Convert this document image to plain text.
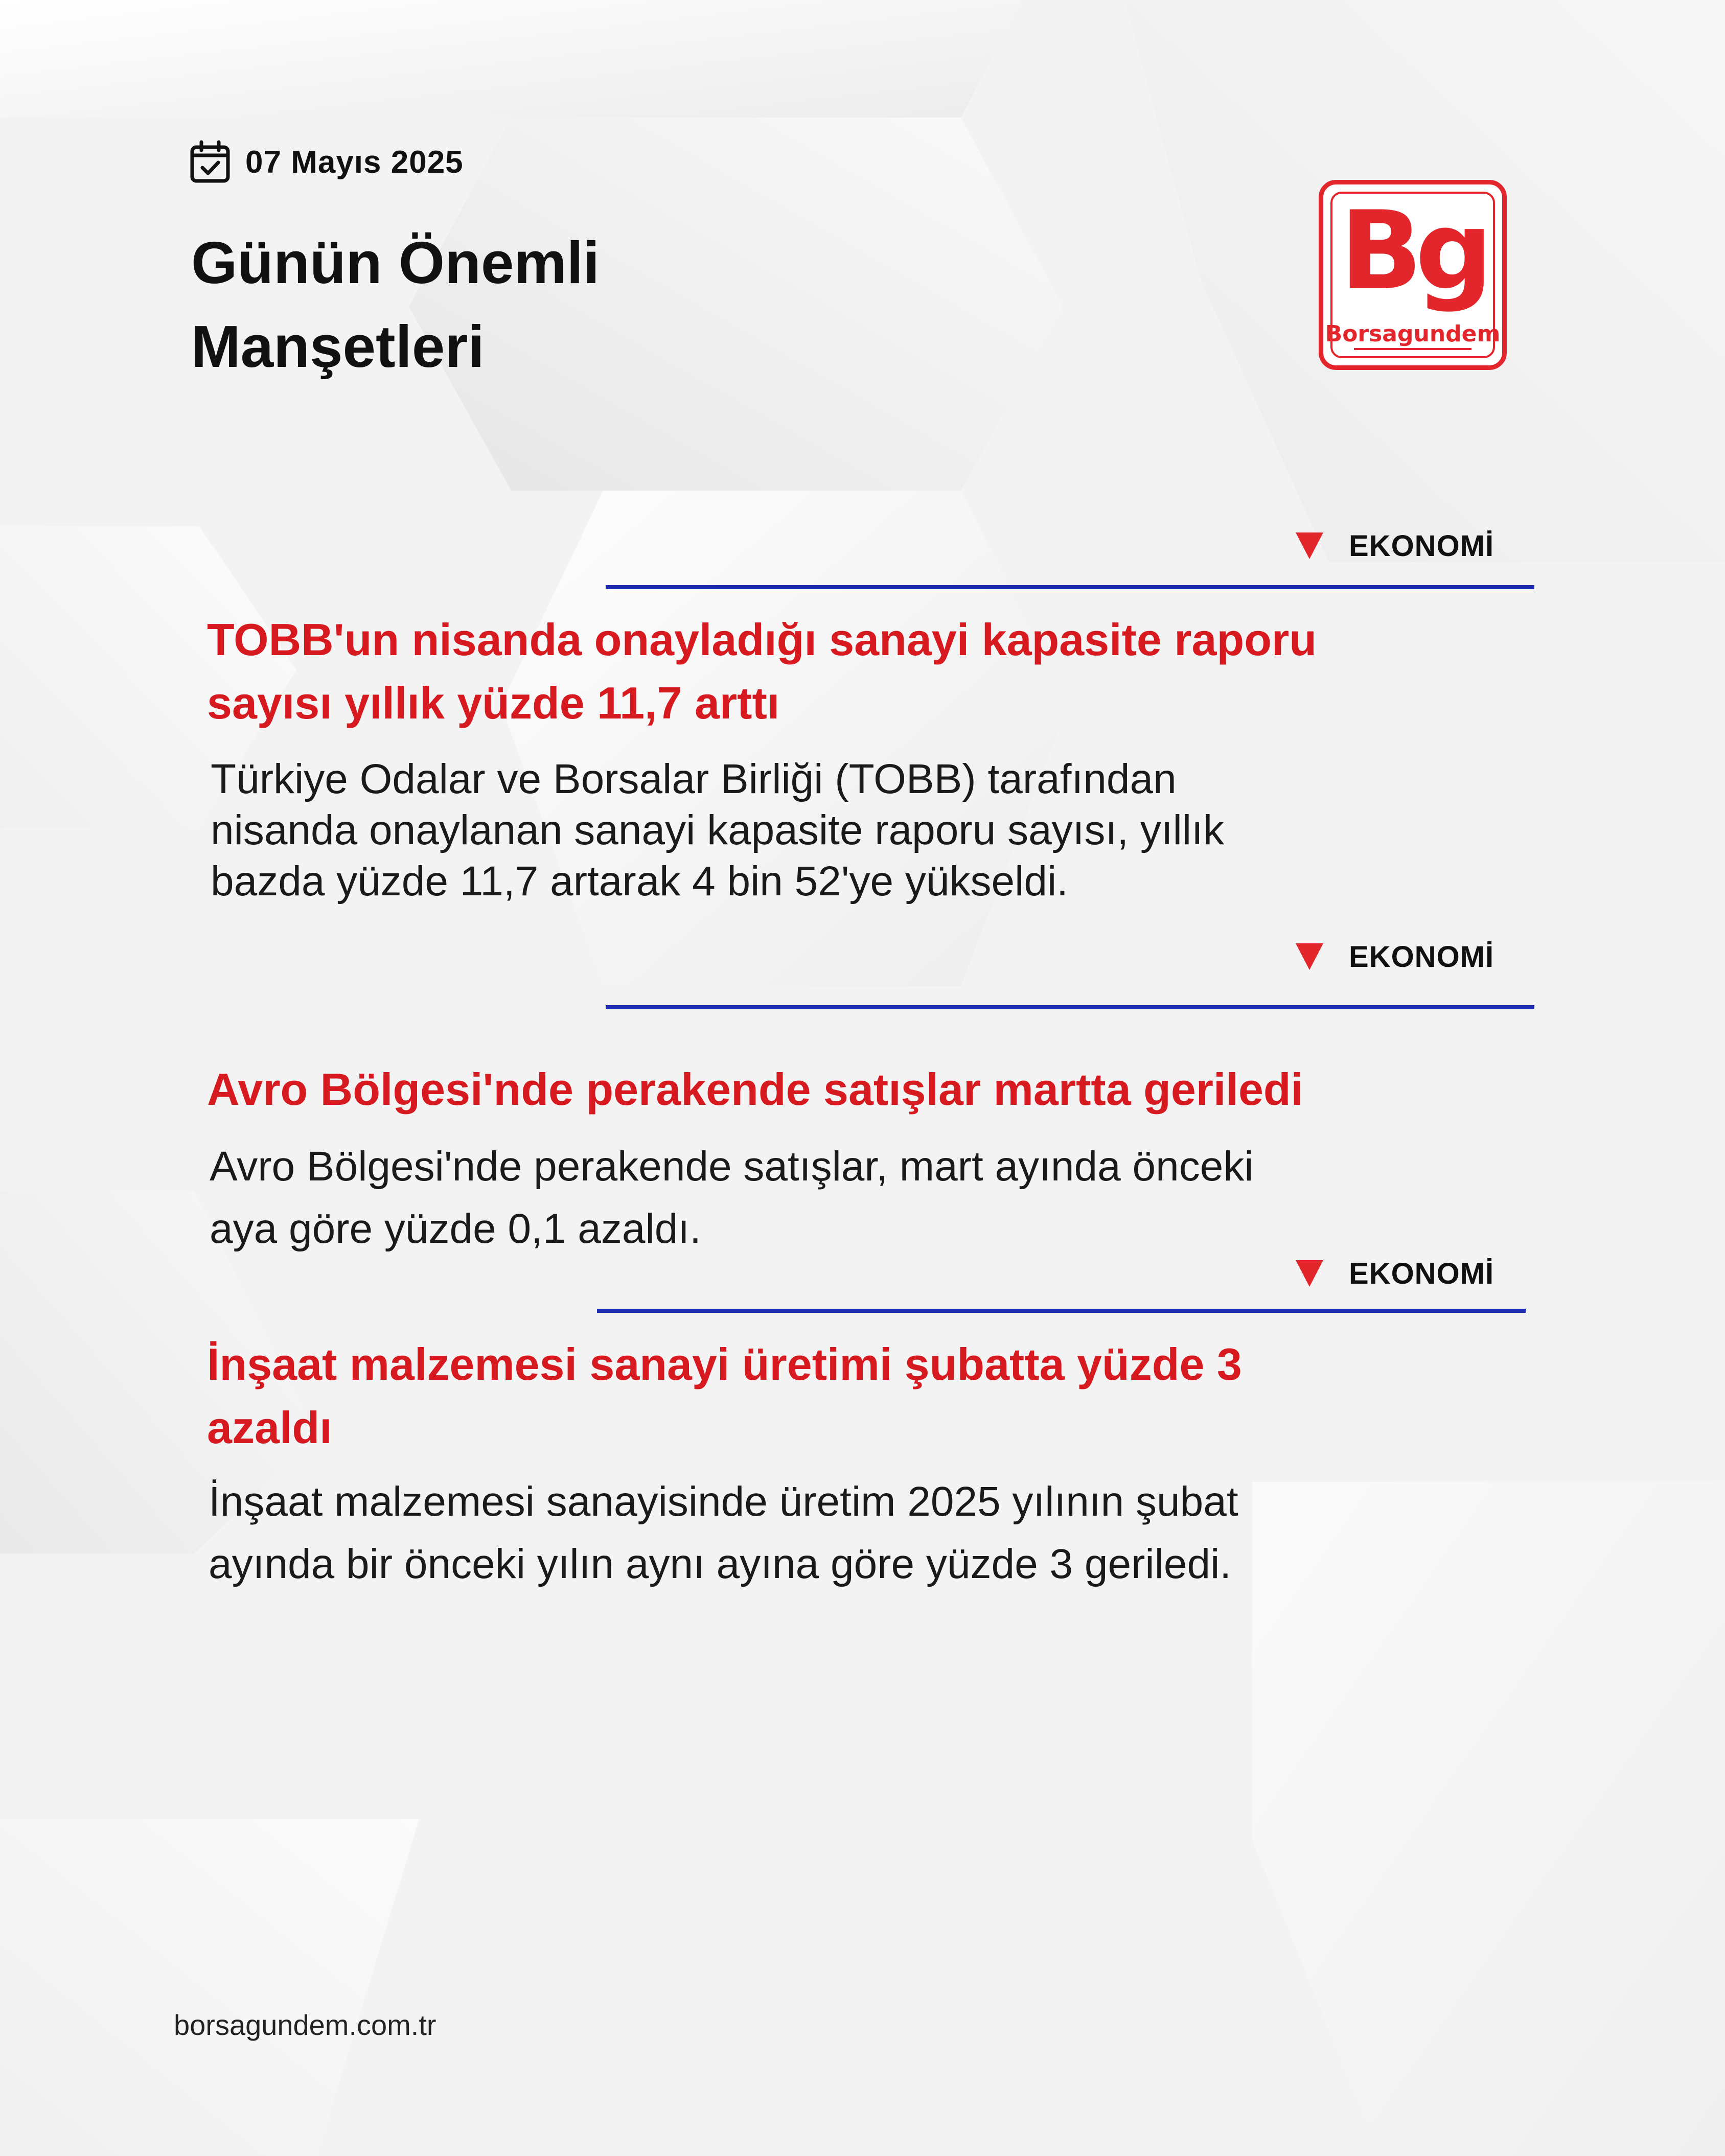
07 Mayıs 2025
Günün Önemli
Manşetleri
Bg
Borsagundem
EKONOMİ
TOBB'un nisanda onayladığı sanayi kapasite raporu
sayısı yıllık yüzde 11,7 arttı

Türkiye Odalar ve Borsalar Birliği (TOBB) tarafından
nisanda onaylanan sanayi kapasite raporu sayısı, yıllık
bazda yüzde 11,7 artarak 4 bin 52'ye yükseldi.

EKONOMİ
Avro Bölgesi'nde perakende satışlar martta geriledi

Avro Bölgesi'nde perakende satışlar, mart ayında önceki
aya göre yüzde 0,1 azaldı.

EKONOMİ
İnşaat malzemesi sanayi üretimi şubatta yüzde 3
azaldı

İnşaat malzemesi sanayisinde üretim 2025 yılının şubat
ayında bir önceki yılın aynı ayına göre yüzde 3 geriledi.

borsagundem.com.tr
